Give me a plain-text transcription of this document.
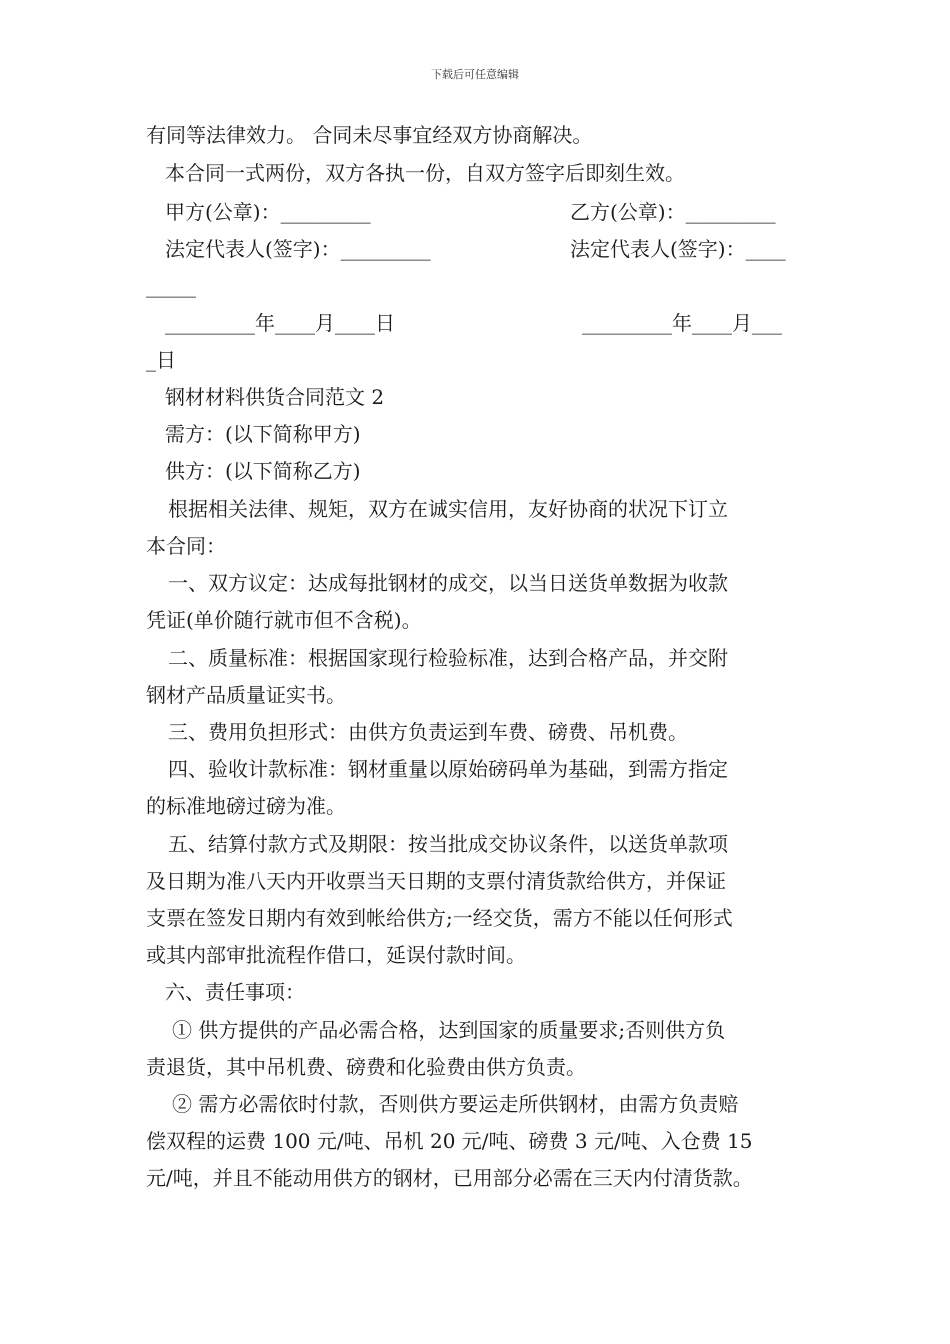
下载后可任意编辑
有同等法律效力。 合同未尽事宜经双方协商解决。
本合同一式两份，双方各执一份，自双方签字后即刻生效。
甲方(公章)：_________	乙方(公章)：_________
法定代表人(签字)：_________	法定代表人(签字)：____
_____
_________年____月____日	_________年____月___
_日
钢材材料供货合同范文 2
需方：(以下简称甲方)
供方：(以下简称乙方)
根据相关法律、规矩，双方在诚实信用，友好协商的状况下订立
本合同：
一、双方议定：达成每批钢材的成交，以当日送货单数据为收款
凭证(单价随行就市但不含税)。
二、质量标准：根据国家现行检验标准，达到合格产品，并交附
钢材产品质量证实书。
三、费用负担形式：由供方负责运到车费、磅费、吊机费。
四、验收计款标准：钢材重量以原始磅码单为基础，到需方指定
的标准地磅过磅为准。
五、结算付款方式及期限：按当批成交协议条件，以送货单款项
及日期为准八天内开收票当天日期的支票付清货款给供方，并保证
支票在签发日期内有效到帐给供方;一经交货，需方不能以任何形式
或其内部审批流程作借口，延误付款时间。
六、责任事项：
① 供方提供的产品必需合格，达到国家的质量要求;否则供方负
责退货，其中吊机费、磅费和化验费由供方负责。
② 需方必需依时付款，否则供方要运走所供钢材，由需方负责赔
偿双程的运费 100 元/吨、吊机 20 元/吨、磅费 3 元/吨、入仓费 15
元/吨，并且不能动用供方的钢材，已用部分必需在三天内付清货款。
